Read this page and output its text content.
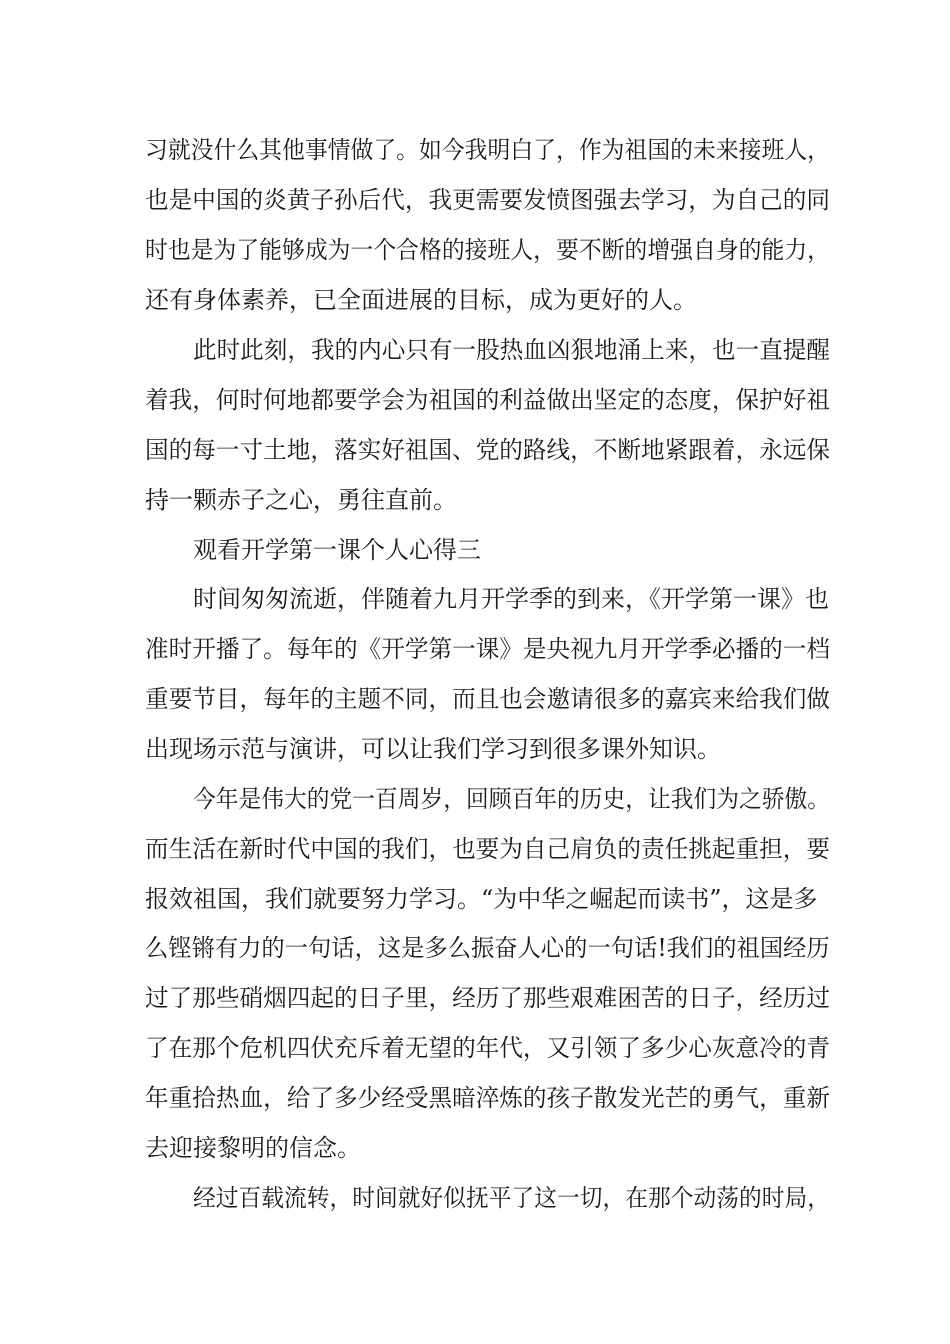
习就没什么其他事情做了。如今我明白了，作为祖国的未来接班人，
也是中国的炎黄子孙后代，我更需要发愤图强去学习，为自己的同
时也是为了能够成为一个合格的接班人，要不断的增强自身的能力，
还有身体素养，已全面进展的目标，成为更好的人。
此时此刻，我的内心只有一股热血凶狠地涌上来，也一直提醒
着我，何时何地都要学会为祖国的利益做出坚定的态度，保护好祖
国的每一寸土地，落实好祖国、党的路线，不断地紧跟着，永远保
持一颗赤子之心，勇往直前。
观看开学第一课个人心得三
时间匆匆流逝，伴随着九月开学季的到来，《开学第一课》也
准时开播了。每年的《开学第一课》是央视九月开学季必播的一档
重要节目，每年的主题不同，而且也会邀请很多的嘉宾来给我们做
出现场示范与演讲，可以让我们学习到很多课外知识。
今年是伟大的党一百周岁，回顾百年的历史，让我们为之骄傲。
而生活在新时代中国的我们，也要为自己肩负的责任挑起重担，要
报效祖国，我们就要努力学习。“为中华之崛起而读书”，这是多
么铿锵有力的一句话，这是多么振奋人心的一句话!我们的祖国经历
过了那些硝烟四起的日子里，经历了那些艰难困苦的日子，经历过
了在那个危机四伏充斥着无望的年代，又引领了多少心灰意冷的青
年重拾热血，给了多少经受黑暗淬炼的孩子散发光芒的勇气，重新
去迎接黎明的信念。
经过百载流转，时间就好似抚平了这一切，在那个动荡的时局，
